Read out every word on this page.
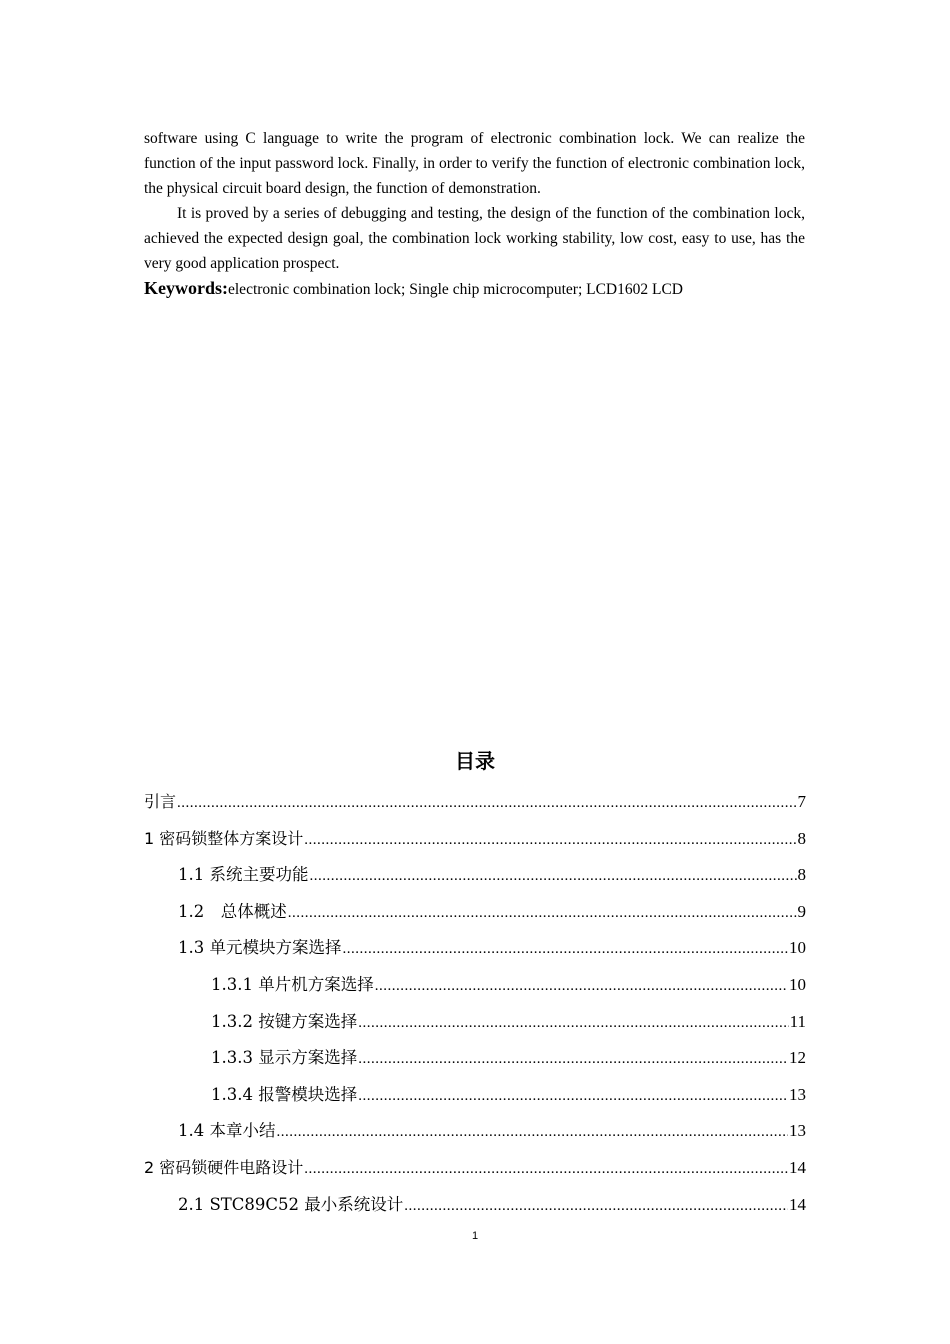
software using C language to write the program of electronic combination lock. We can realize the function of the input password lock. Finally, in order to verify the function of electronic combination lock, the physical circuit board design, the function of demonstration.

It is proved by a series of debugging and testing, the design of the function of the combination lock, achieved the expected design goal, the combination lock working stability, low cost, easy to use, has the very good application prospect.

Keywords:electronic combination lock; Single chip microcomputer; LCD1602 LCD

目录
引言 .....	7
1 密码锁整体方案设计 .....	8
1.1 系统主要功能 .....	8
1.2　总体概述 .....	9
1.3 单元模块方案选择 .....	10
1.3.1 单片机方案选择 .....	10
1.3.2 按键方案选择 .....	11
1.3.3 显示方案选择 .....	12
1.3.4 报警模块选择 .....	13
1.4 本章小结 .....	13
2 密码锁硬件电路设计 .....	14
2.1 STC89C52 最小系统设计 .....	14
1
